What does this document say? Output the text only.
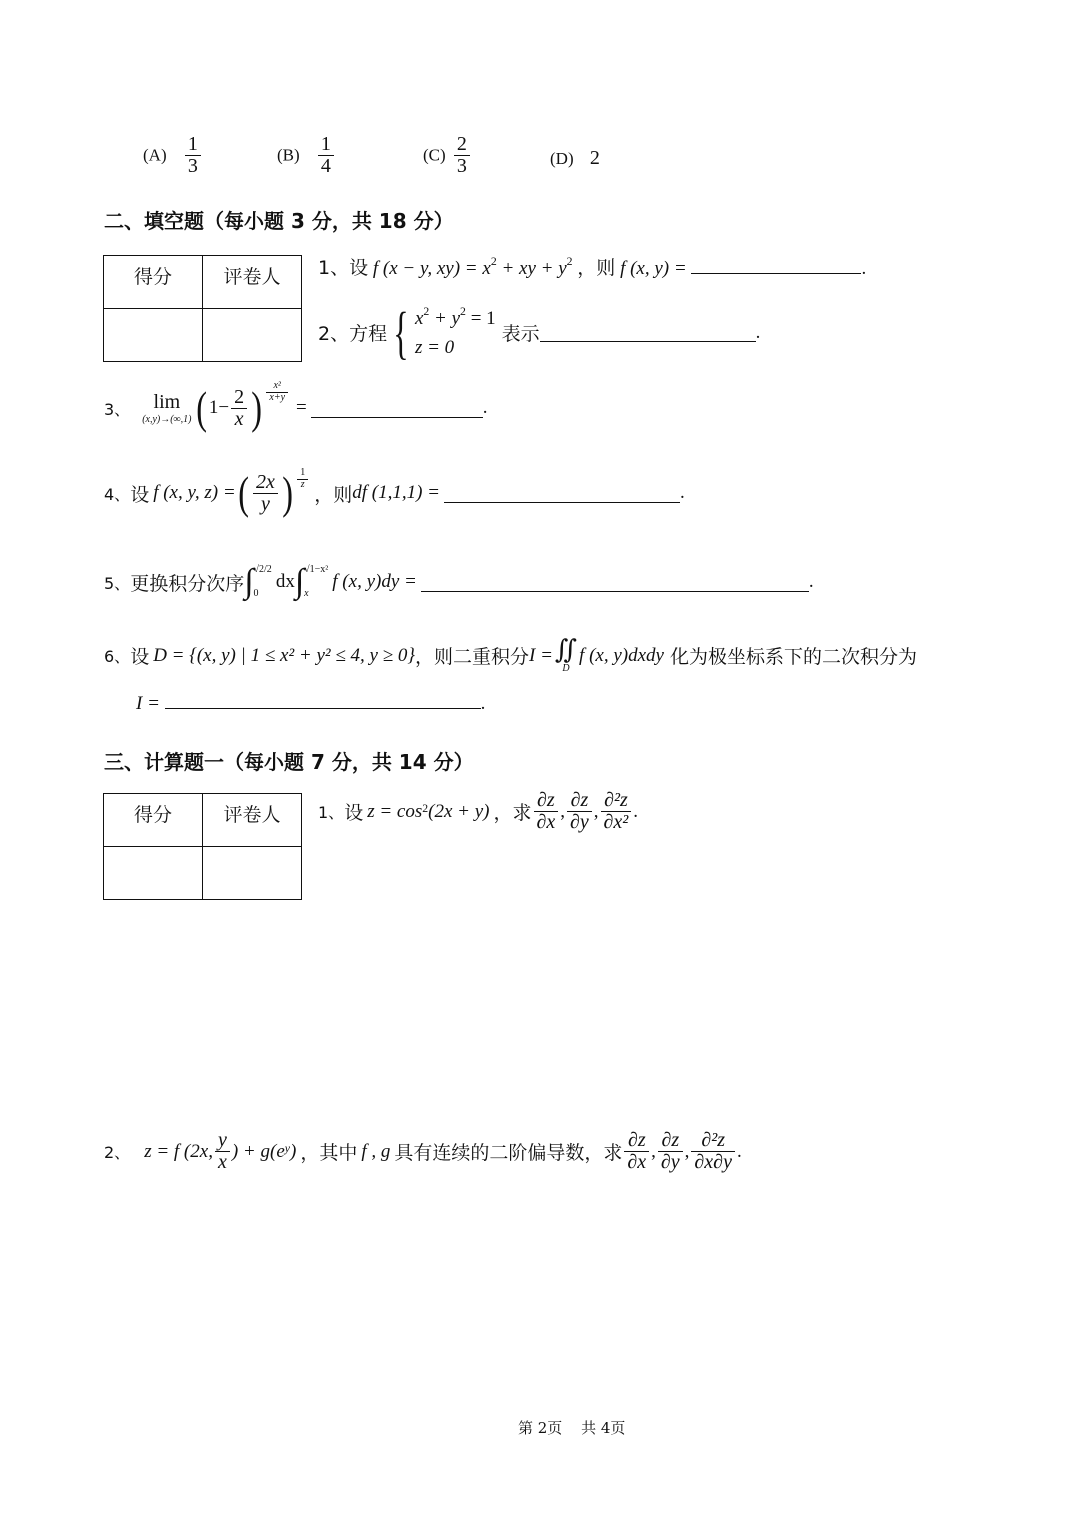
$(A) \frac{1}{3}$	$(B) \frac{1}{4}$	$(C) \frac{2}{3}$	(D) 2
二、填空题（每小题 3 分，共 18 分）
得分	评卷人
	1、设 f (x − y, $xy) = x^2$ + xy + $y^2$ ，则 f (x, y) =	.
2、 方程 { $x^2 + y^2 = 1$
z = 0
表示	.
3、	lim
(x,y)→(∞,1) ( $1- \frac{2}{x}$ ) $\frac{\text{x²}}{x+y}$
=	.
4、 设 f (x, y, z) = ( $\frac{2x}{y}$ ) $\frac{1}{z}$
，则 df (1,1,1) =	.
5、 更换积分次序 ∫ √2/2
0
dx ∫ √1−x²
x
f (x, y)dy =	.
6、 设 D = {(x, y) | 1 ≤ x² + y² ≤ 4, y ≥ 0} ，则二重积分 I = ∬
D
f (x, y)dxdy 化为极坐标系下的二次积分为
I =	.
三、计算题一（每小题 7 分，共 14 分）
得分	评卷人
	1、 设 z = cos 2 (2x + y) ，求 $\frac{\partial z}{\partial x}$ , $\frac{\partial z}{\partial y}$ , $\frac{\text{∂²z}}{\text{∂x²}}$ .
2、 z = f (2x, $\frac{y}{x}$ ) + g(e y ) ，其中 f , g 具有连续的二阶偏导数，求 $\frac{\partial z}{\partial x}$ , $\frac{\partial z}{\partial y}$ , $\frac{\text{∂²z}}{\partial x\partial y}$ .
第 2页 共 4页
